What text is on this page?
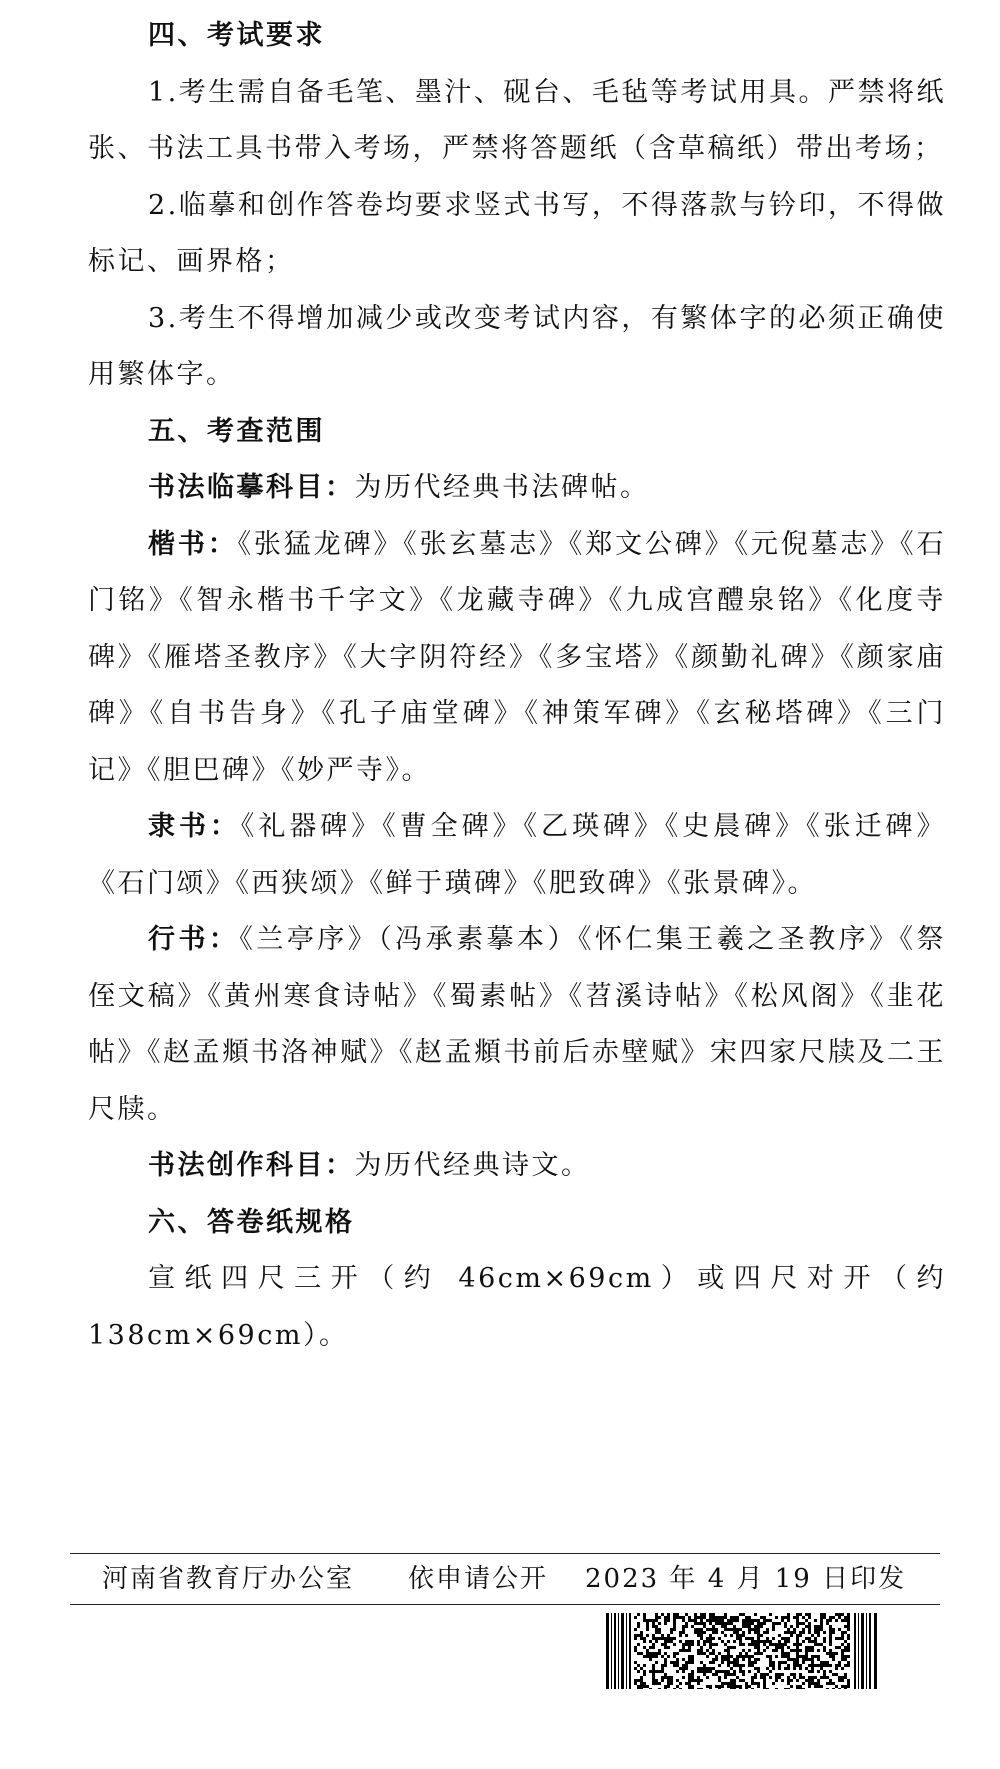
四、考试要求

1.考生需自备毛笔、墨汁、砚台、毛毡等考试用具。严禁将纸张、书法工具书带入考场，严禁将答题纸（含草稿纸）带出考场；

2.临摹和创作答卷均要求竖式书写，不得落款与钤印，不得做标记、画界格；

3.考生不得增加减少或改变考试内容，有繁体字的必须正确使用繁体字。

五、考查范围

书法临摹科目：为历代经典书法碑帖。

楷书：《张猛龙碑》《张玄墓志》《郑文公碑》《元倪墓志》《石门铭》《智永楷书千字文》《龙藏寺碑》《九成宫醴泉铭》《化度寺碑》《雁塔圣教序》《大字阴符经》《多宝塔》《颜勤礼碑》《颜家庙碑》《自书告身》《孔子庙堂碑》《神策军碑》《玄秘塔碑》《三门记》《胆巴碑》《妙严寺》。

隶书：《礼器碑》《曹全碑》《乙瑛碑》《史晨碑》《张迁碑》《石门颂》《西狭颂》《鲜于璜碑》《肥致碑》《张景碑》。

行书：《兰亭序》（冯承素摹本）《怀仁集王羲之圣教序》《祭侄文稿》《黄州寒食诗帖》《蜀素帖》《苕溪诗帖》《松风阁》《韭花帖》《赵孟頫书洛神赋》《赵孟頫书前后赤壁赋》宋四家尺牍及二王尺牍。

书法创作科目：为历代经典诗文。

六、答卷纸规格

宣纸四尺三开（约 46cm×69cm）或四尺对开（约 138cm×69cm）。

河南省教育厅办公室 依申请公开 2023 年 4 月 19 日印发
